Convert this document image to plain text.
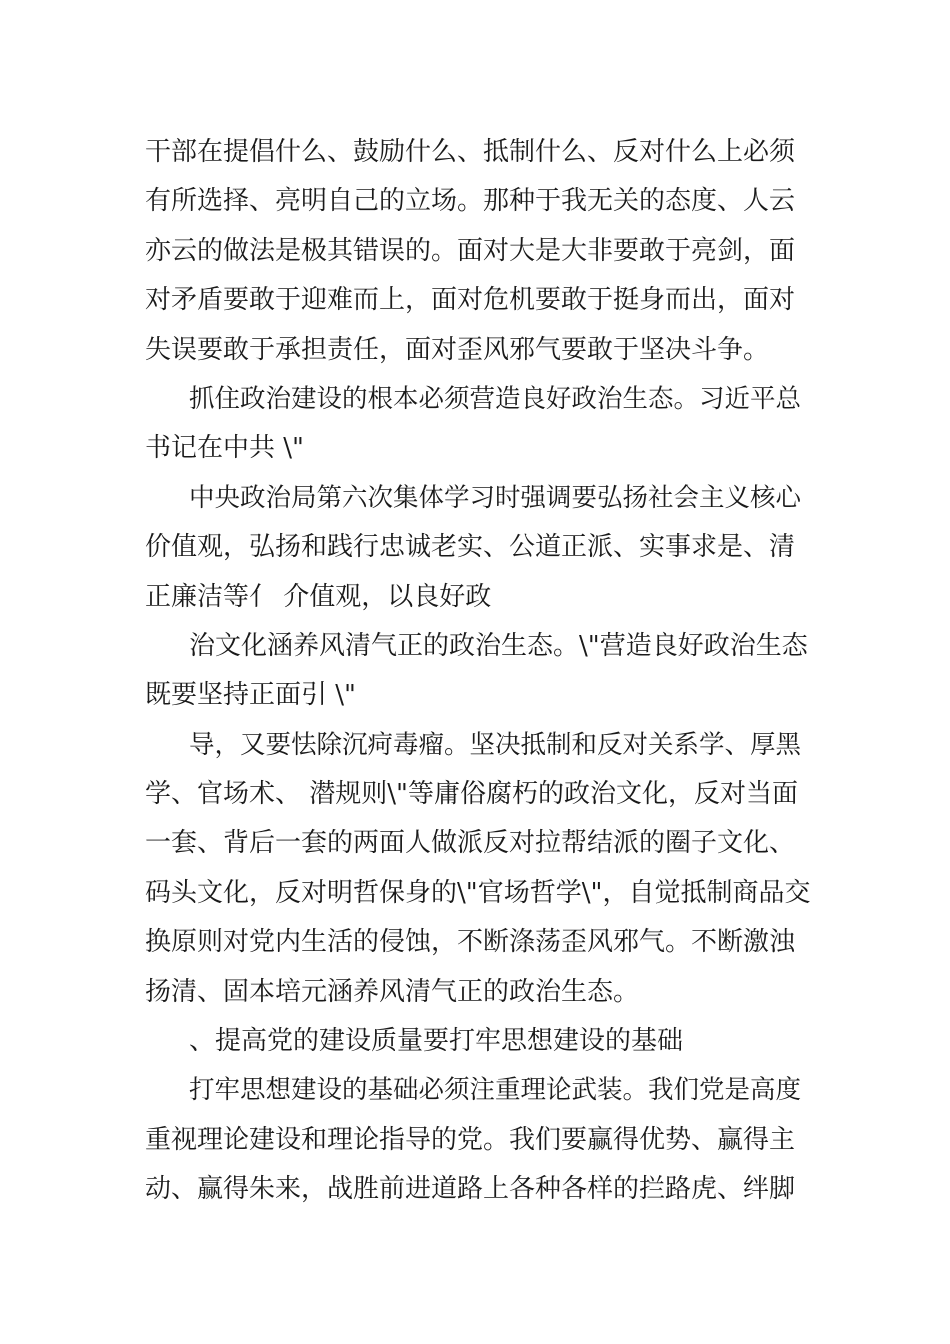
干部在提倡什么、鼓励什么、抵制什么、反对什么上必须
有所选择、亮明自己的立场。那种于我无关的态度、人云
亦云的做法是极其错误的。面对大是大非要敢于亮剑，面
对矛盾要敢于迎难而上，面对危机要敢于挺身而出，面对
失误要敢于承担责任，面对歪风邪气要敢于坚决斗争。
抓住政治建设的根本必须营造良好政治生态。习近平总
书记在中共 \"
中央政治局第六次集体学习时强调要弘扬社会主义核心
价值观，弘扬和践行忠诚老实、公道正派、实事求是、清
正廉洁等亻 介值观，以良好政
治文化涵养风清气正的政治生态。\"营造良好政治生态
既要坚持正面引 \"
导，又要怯除沉疴毒瘤。坚决抵制和反对关系学、厚黑
学、官场术、 潜规则\"等庸俗腐朽的政治文化，反对当面
一套、背后一套的两面人做派反对拉帮结派的圈子文化、
码头文化，反对明哲保身的\"官场哲学\"，自觉抵制商品交
换原则对党内生活的侵蚀，不断涤荡歪风邪气。不断激浊
扬清、固本培元涵养风清气正的政治生态。
、提高党的建设质量要打牢思想建设的基础
打牢思想建设的基础必须注重理论武装。我们党是高度
重视理论建设和理论指导的党。我们要赢得优势、赢得主
动、赢得朱来，战胜前进道路上各种各样的拦路虎、绊脚
